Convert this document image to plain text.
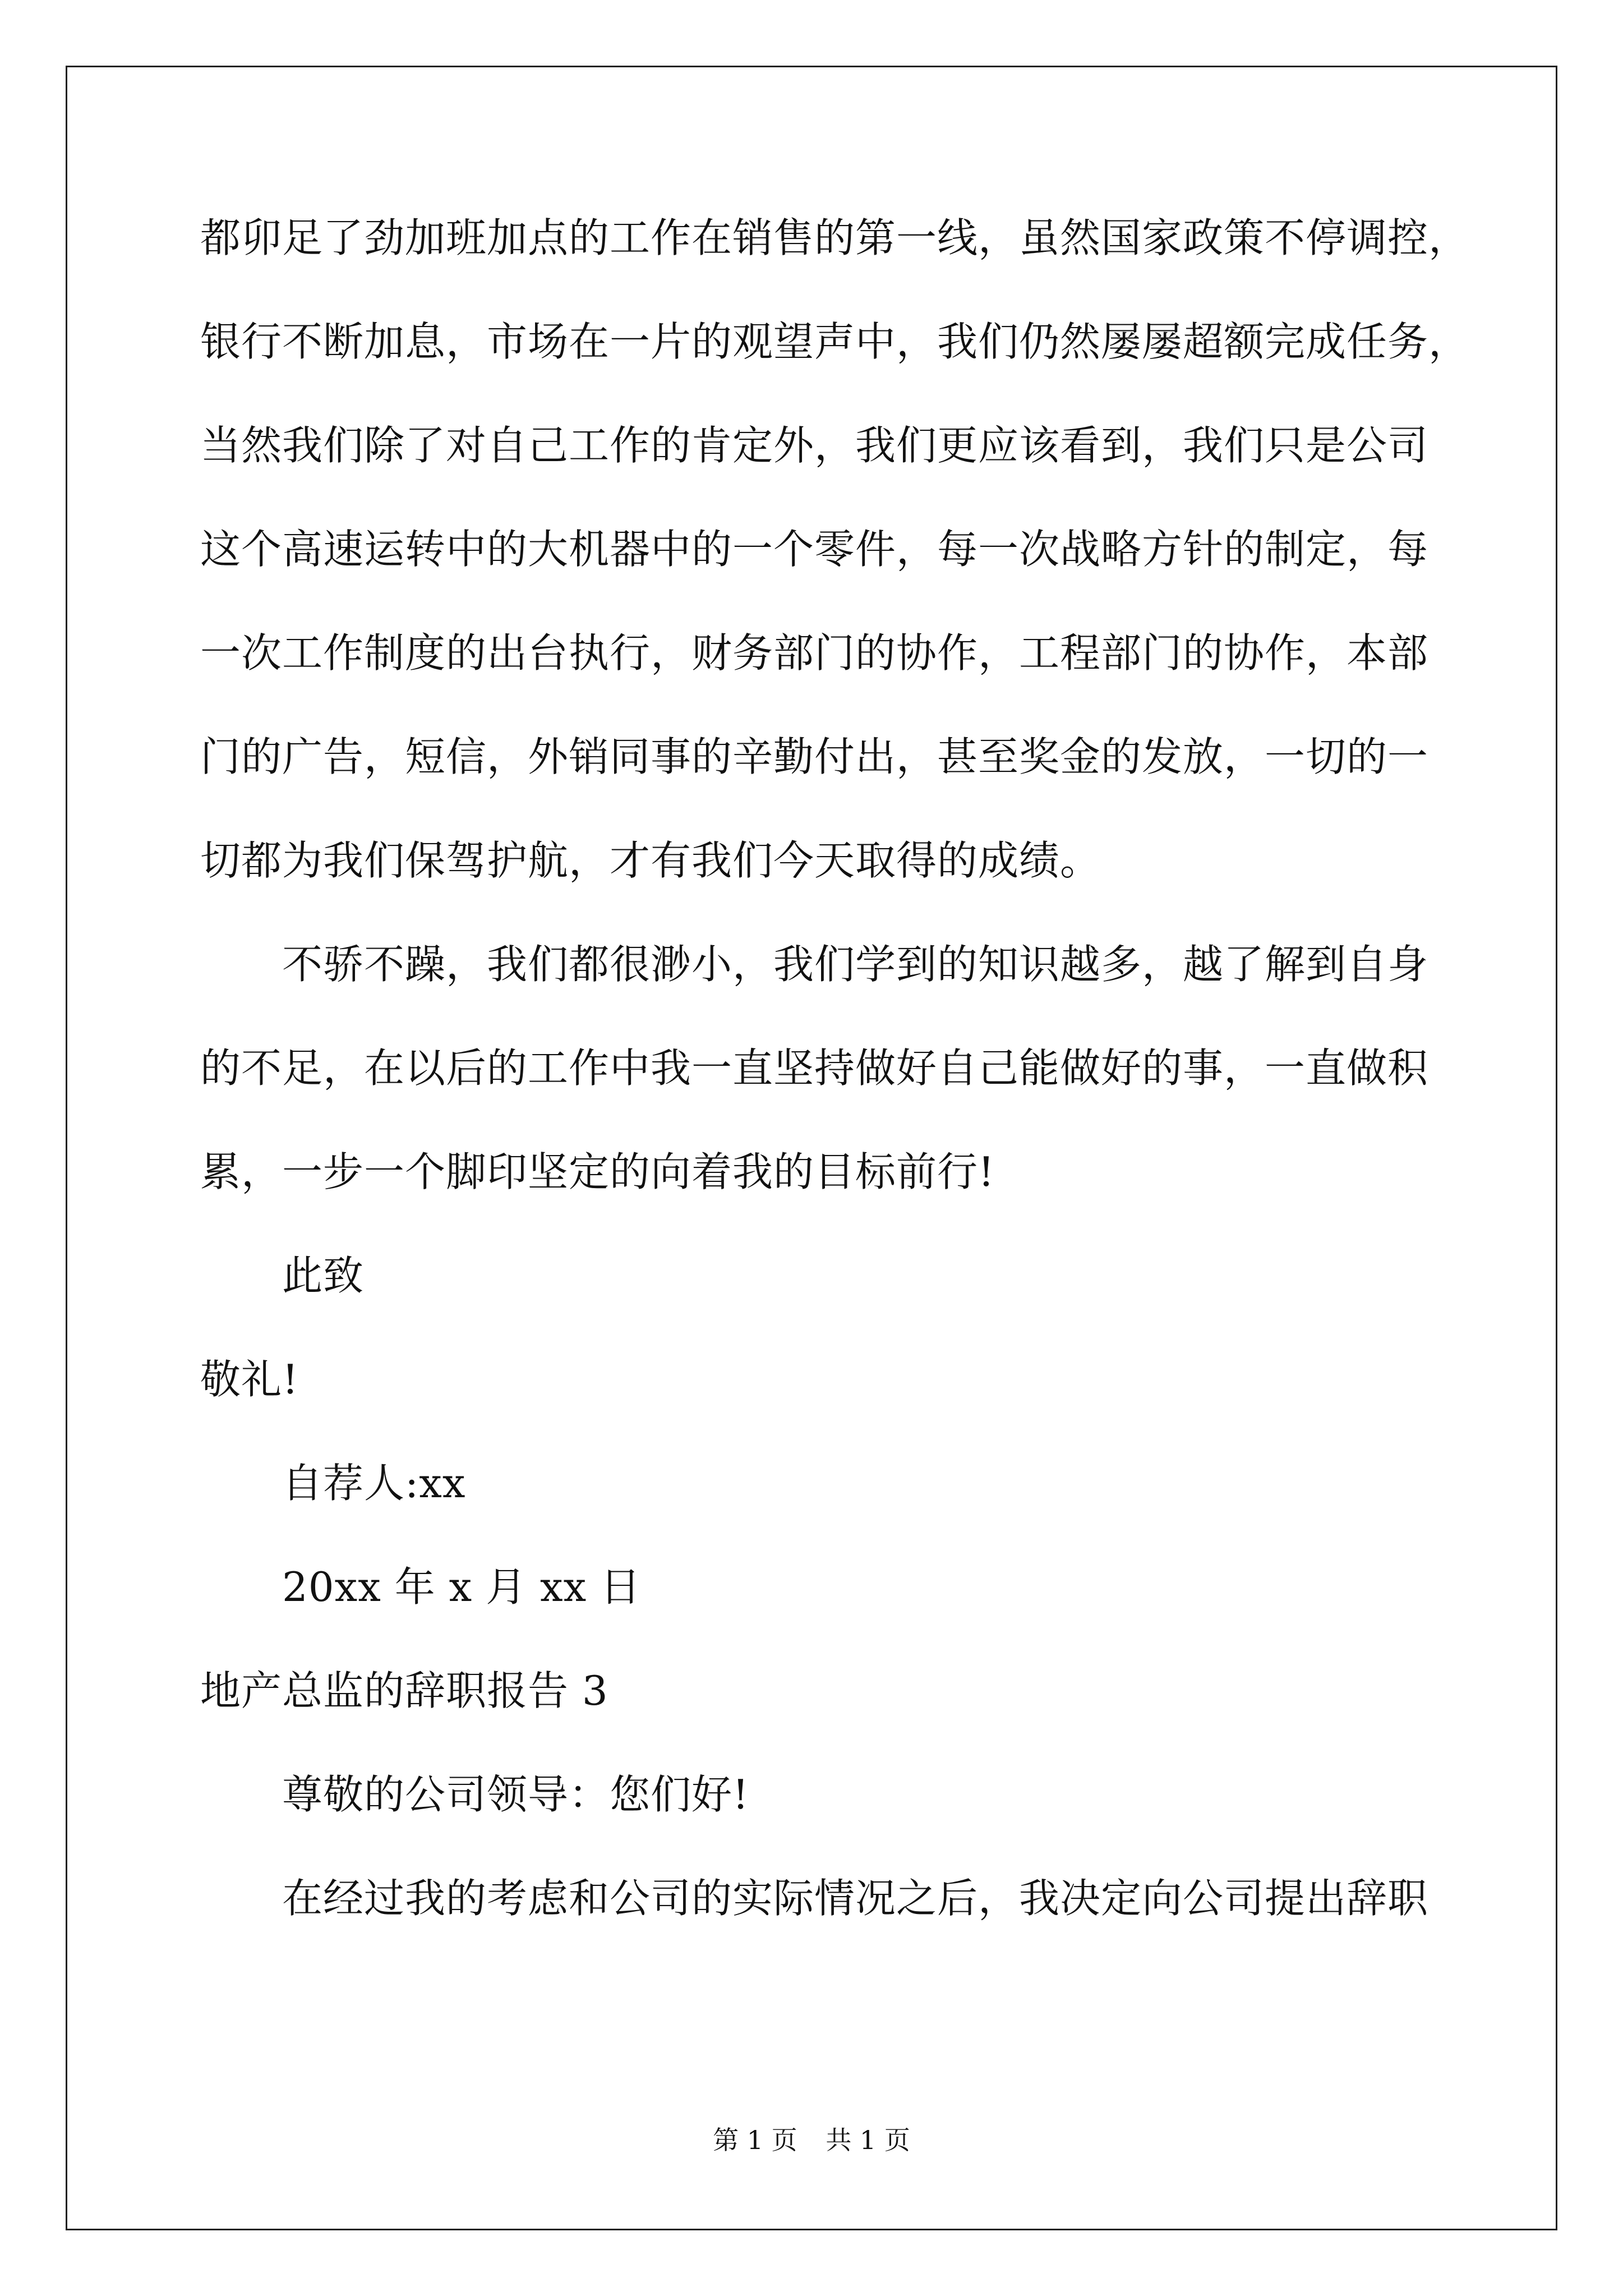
都卯足了劲加班加点的工作在销售的第一线，虽然国家政策不停调控，
银行不断加息，市场在一片的观望声中，我们仍然屡屡超额完成任务，
当然我们除了对自己工作的肯定外，我们更应该看到，我们只是公司
这个高速运转中的大机器中的一个零件，每一次战略方针的制定，每
一次工作制度的出台执行，财务部门的协作，工程部门的协作，本部
门的广告，短信，外销同事的辛勤付出，甚至奖金的发放，一切的一
切都为我们保驾护航，才有我们今天取得的成绩。
不骄不躁，我们都很渺小，我们学到的知识越多，越了解到自身
的不足，在以后的工作中我一直坚持做好自己能做好的事，一直做积
累，一步一个脚印坚定的向着我的目标前行!
此致
敬礼!
自荐人:xx
20xx 年 x 月 xx 日
地产总监的辞职报告 3
尊敬的公司领导：您们好!
在经过我的考虑和公司的实际情况之后，我决定向公司提出辞职
第 1 页 共 1 页
